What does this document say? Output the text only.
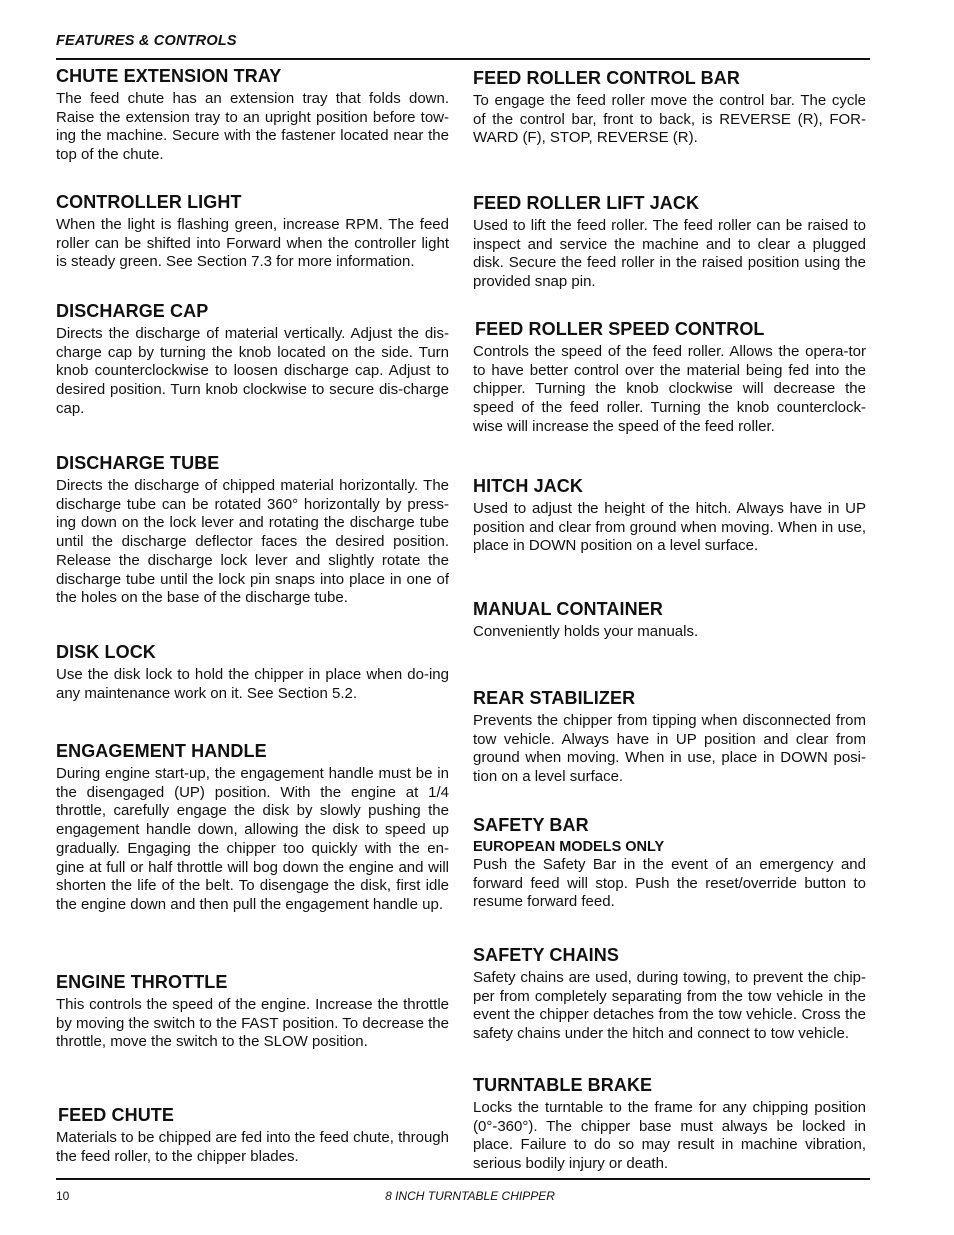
FEATURES & CONTROLS
CHUTE EXTENSION TRAY

The feed chute has an extension tray that folds down. Raise the extension tray to an upright position before tow-ing the machine. Secure with the fastener located near the top of the chute.

CONTROLLER LIGHT

When the light is flashing green, increase RPM. The feed roller can be shifted into Forward when the controller light is steady green. See Section 7.3 for more information.

DISCHARGE CAP

Directs the discharge of material vertically. Adjust the dis-charge cap by turning the knob located on the side. Turn knob counterclockwise to loosen discharge cap. Adjust to desired position. Turn knob clockwise to secure dis-charge cap.

DISCHARGE TUBE

Directs the discharge of chipped material horizontally. The discharge tube can be rotated 360° horizontally by press-ing down on the lock lever and rotating the discharge tube until the discharge deflector faces the desired position. Release the discharge lock lever and slightly rotate the discharge tube until the lock pin snaps into place in one of the holes on the base of the discharge tube.

DISK LOCK

Use the disk lock to hold the chipper in place when do-ing any maintenance work on it. See Section 5.2.

ENGAGEMENT HANDLE

During engine start-up, the engagement handle must be in the disengaged (UP) position. With the engine at 1/4 throttle, carefully engage the disk by slowly pushing the engagement handle down, allowing the disk to speed up gradually. Engaging the chipper too quickly with the en-gine at full or half throttle will bog down the engine and will shorten the life of the belt. To disengage the disk, first idle the engine down and then pull the engagement handle up.

ENGINE THROTTLE

This controls the speed of the engine. Increase the throttle by moving the switch to the FAST position. To decrease the throttle, move the switch to the SLOW position.

FEED CHUTE

Materials to be chipped are fed into the feed chute, through the feed roller, to the chipper blades.

FEED ROLLER CONTROL BAR

To engage the feed roller move the control bar. The cycle of the control bar, front to back, is REVERSE (R), FOR-WARD (F), STOP, REVERSE (R).

FEED ROLLER LIFT JACK

Used to lift the feed roller. The feed roller can be raised to inspect and service the machine and to clear a plugged disk. Secure the feed roller in the raised position using the provided snap pin.

FEED ROLLER SPEED CONTROL

Controls the speed of the feed roller. Allows the opera-tor to have better control over the material being fed into the chipper. Turning the knob clockwise will decrease the speed of the feed roller. Turning the knob counterclock-wise will increase the speed of the feed roller.

HITCH JACK

Used to adjust the height of the hitch. Always have in UP position and clear from ground when moving. When in use, place in DOWN position on a level surface.

MANUAL CONTAINER

Conveniently holds your manuals.

REAR STABILIZER

Prevents the chipper from tipping when disconnected from tow vehicle. Always have in UP position and clear from ground when moving. When in use, place in DOWN posi-tion on a level surface.

SAFETY BAR
EUROPEAN MODELS ONLY

Push the Safety Bar in the event of an emergency and forward feed will stop. Push the reset/override button to resume forward feed.

SAFETY CHAINS

Safety chains are used, during towing, to prevent the chip-per from completely separating from the tow vehicle in the event the chipper detaches from the tow vehicle. Cross the safety chains under the hitch and connect to tow vehicle.

TURNTABLE BRAKE

Locks the turntable to the frame for any chipping position (0°-360°). The chipper base must always be locked in place. Failure to do so may result in machine vibration, serious bodily injury or death.

10	8 INCH TURNTABLE CHIPPER
